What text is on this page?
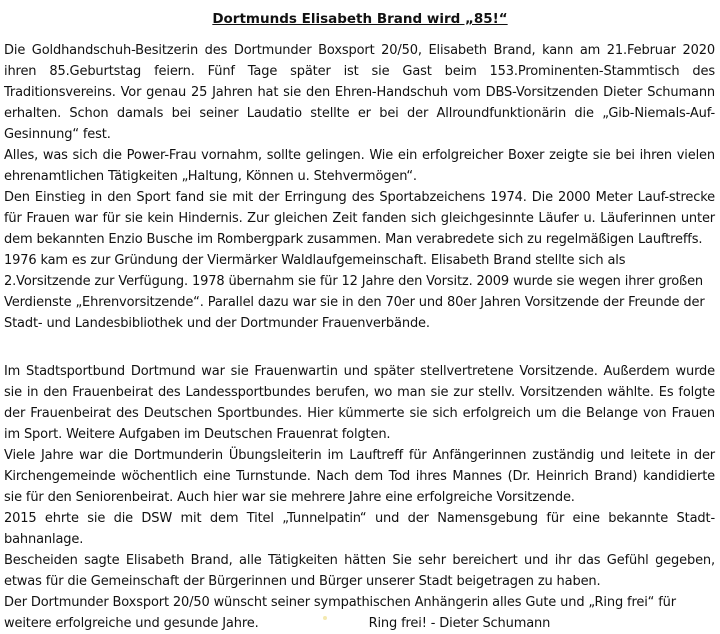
Dortmunds Elisabeth Brand wird „85!“

Die Goldhandschuh-Besitzerin des Dortmunder Boxsport 20/50, Elisabeth Brand, kann am 21.Februar 2020 ihren 85.Geburtstag feiern. Fünf Tage später ist sie Gast beim 153.Prominenten-Stammtisch des Traditionsvereins. Vor genau 25 Jahren hat sie den Ehren-Handschuh vom DBS-Vorsitzenden Dieter Schumann erhalten. Schon damals bei seiner Laudatio stellte er bei der Allroundfunktionärin die „Gib-Niemals-Auf-Gesinnung“ fest.

Alles, was sich die Power-Frau vornahm, sollte gelingen. Wie ein erfolgreicher Boxer zeigte sie bei ihren vielen ehrenamtlichen Tätigkeiten „Haltung, Können u. Stehvermögen“.

Den Einstieg in den Sport fand sie mit der Erringung des Sportabzeichens 1974. Die 2000 Meter Lauf-strecke für Frauen war für sie kein Hindernis. Zur gleichen Zeit fanden sich gleichgesinnte Läufer u. Läuferinnen unter dem bekannten Enzio Busche im Rombergpark zusammen. Man verabredete sich zu regelmäßigen Lauftreffs.

1976 kam es zur Gründung der Viermärker Waldlaufgemeinschaft. Elisabeth Brand stellte sich als 2.Vorsitzende zur Verfügung. 1978 übernahm sie für 12 Jahre den Vorsitz. 2009 wurde sie wegen ihrer großen Verdienste „Ehrenvorsitzende“. Parallel dazu war sie in den 70er und 80er Jahren Vorsitzende der Freunde der Stadt- und Landesbibliothek und der Dortmunder Frauenverbände.

Im Stadtsportbund Dortmund war sie Frauenwartin und später stellvertretene Vorsitzende. Außerdem wurde sie in den Frauenbeirat des Landessportbundes berufen, wo man sie zur stellv. Vorsitzenden wählte. Es folgte der Frauenbeirat des Deutschen Sportbundes. Hier kümmerte sie sich erfolgreich um die Belange von Frauen im Sport. Weitere Aufgaben im Deutschen Frauenrat folgten.

Viele Jahre war die Dortmunderin Übungsleiterin im Lauftreff für Anfängerinnen zuständig und leitete in der Kirchengemeinde wöchentlich eine Turnstunde. Nach dem Tod ihres Mannes (Dr. Heinrich Brand) kandidierte sie für den Seniorenbeirat. Auch hier war sie mehrere Jahre eine erfolgreiche Vorsitzende.

2015 ehrte sie die DSW mit dem Titel „Tunnelpatin“ und der Namensgebung für eine bekannte Stadt-bahnanlage.

Bescheiden sagte Elisabeth Brand, alle Tätigkeiten hätten Sie sehr bereichert und ihr das Gefühl gegeben, etwas für die Gemeinschaft der Bürgerinnen und Bürger unserer Stadt beigetragen zu haben.

Der Dortmunder Boxsport 20/50 wünscht seiner sympathischen Anhängerin alles Gute und „Ring frei“ für weitere erfolgreiche und gesunde Jahre.	Ring frei! - Dieter Schumann
